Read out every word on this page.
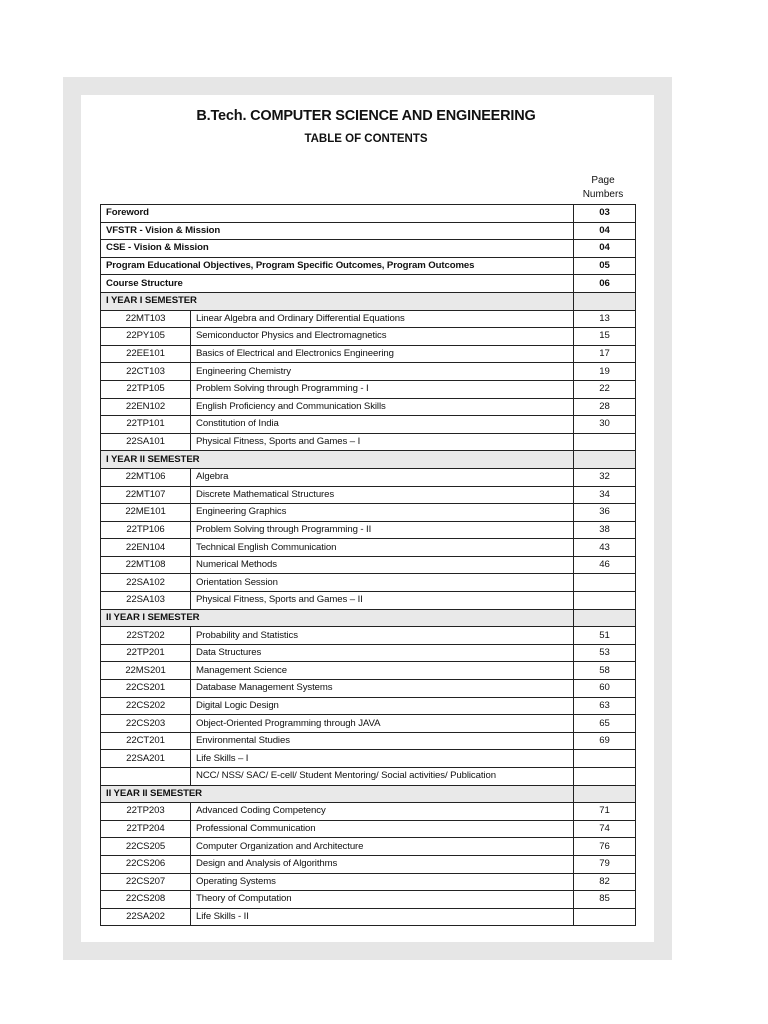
B.Tech. COMPUTER SCIENCE AND ENGINEERING
TABLE OF CONTENTS
Page
Numbers
Foreword		03
VFSTR - Vision & Mission		04
CSE - Vision & Mission		04
Program Educational Objectives, Program Specific Outcomes, Program Outcomes		05
Course Structure		06
I YEAR I SEMESTER		
22MT103	Linear Algebra and Ordinary Differential Equations	13
22PY105	Semiconductor Physics and Electromagnetics	15
22EE101	Basics of Electrical and Electronics Engineering	17
22CT103	Engineering Chemistry	19
22TP105	Problem Solving through Programming - I	22
22EN102	English Proficiency and Communication Skills	28
22TP101	Constitution of India	30
22SA101	Physical Fitness, Sports and Games – I	
I YEAR II SEMESTER		
22MT106	Algebra	32
22MT107	Discrete Mathematical Structures	34
22ME101	Engineering Graphics	36
22TP106	Problem Solving through Programming - II	38
22EN104	Technical English Communication	43
22MT108	Numerical Methods	46
22SA102	Orientation Session	
22SA103	Physical Fitness, Sports and Games – II	
II YEAR I SEMESTER		
22ST202	Probability and Statistics	51
22TP201	Data Structures	53
22MS201	Management Science	58
22CS201	Database Management Systems	60
22CS202	Digital Logic Design	63
22CS203	Object-Oriented Programming through JAVA	65
22CT201	Environmental Studies	69
22SA201	Life Skills – I	
	NCC/ NSS/ SAC/ E-cell/ Student Mentoring/ Social activities/ Publication	
II YEAR II SEMESTER		
22TP203	Advanced Coding Competency	71
22TP204	Professional Communication	74
22CS205	Computer Organization and Architecture	76
22CS206	Design and Analysis of Algorithms	79
22CS207	Operating Systems	82
22CS208	Theory of Computation	85
22SA202	Life Skills - II	
